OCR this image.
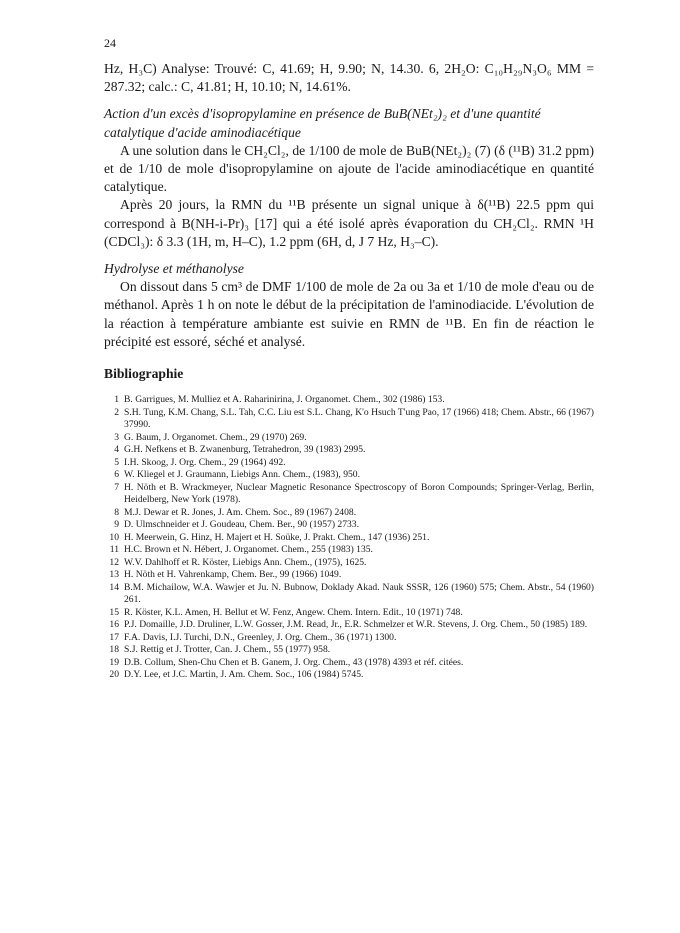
24

Hz, H₃C) Analyse: Trouvé: C, 41.69; H, 9.90; N, 14.30. 6, 2H₂O: C₁₀H₂₉N₃O₆ MM = 287.32; calc.: C, 41.81; H, 10.10; N, 14.61%.

Action d'un excès d'isopropylamine en présence de BuB(NEt₂)₂ et d'une quantité catalytique d'acide aminodiacétique

A une solution dans le CH₂Cl₂, de 1/100 de mole de BuB(NEt₂)₂ (7) (δ (¹¹B) 31.2 ppm) et de 1/10 de mole d'isopropylamine on ajoute de l'acide aminodiacétique en quantité catalytique.

Après 20 jours, la RMN du ¹¹B présente un signal unique à δ(¹¹B) 22.5 ppm qui correspond à B(NH-i-Pr)₃ [17] qui a été isolé après évaporation du CH₂Cl₂. RMN ¹H (CDCl₃): δ 3.3 (1H, m, H–C), 1.2 ppm (6H, d, J 7 Hz, H₃–C).

Hydrolyse et méthanolyse

On dissout dans 5 cm³ de DMF 1/100 de mole de 2a ou 3a et 1/10 de mole d'eau ou de méthanol. Après 1 h on note le début de la précipitation de l'aminodiacide. L'évolution de la réaction à température ambiante est suivie en RMN de ¹¹B. En fin de réaction le précipité est essoré, séché et analysé.

Bibliographie
1 B. Garrigues, M. Mulliez et A. Raharinirina, J. Organomet. Chem., 302 (1986) 153.
2 S.H. Tung, K.M. Chang, S.L. Tah, C.C. Liu est S.L. Chang, K'o Hsuch T'ung Pao, 17 (1966) 418; Chem. Abstr., 66 (1967) 37990.
3 G. Baum, J. Organomet. Chem., 29 (1970) 269.
4 G.H. Nefkens et B. Zwanenburg, Tetrahedron, 39 (1983) 2995.
5 I.H. Skoog, J. Org. Chem., 29 (1964) 492.
6 W. Kliegel et J. Graumann, Liebigs Ann. Chem., (1983), 950.
7 H. Nöth et B. Wrackmeyer, Nuclear Magnetic Resonance Spectroscopy of Boron Compounds; Springer-Verlag, Berlin, Heidelberg, New York (1978).
8 M.J. Dewar et R. Jones, J. Am. Chem. Soc., 89 (1967) 2408.
9 D. Ulmschneider et J. Goudeau, Chem. Ber., 90 (1957) 2733.
10 H. Meerwein, G. Hinz, H. Majert et H. Soüke, J. Prakt. Chem., 147 (1936) 251.
11 H.C. Brown et N. Hébert, J. Organomet. Chem., 255 (1983) 135.
12 W.V. Dahlhoff et R. Köster, Liebigs Ann. Chem., (1975), 1625.
13 H. Nöth et H. Vahrenkamp, Chem. Ber., 99 (1966) 1049.
14 B.M. Michailow, W.A. Wawjer et Ju. N. Bubnow, Doklady Akad. Nauk SSSR, 126 (1960) 575; Chem. Abstr., 54 (1960) 261.
15 R. Köster, K.L. Amen, H. Bellut et W. Fenz, Angew. Chem. Intern. Edit., 10 (1971) 748.
16 P.J. Domaille, J.D. Druliner, L.W. Gosser, J.M. Read, Jr., E.R. Schmelzer et W.R. Stevens, J. Org. Chem., 50 (1985) 189.
17 F.A. Davis, I.J. Turchi, D.N., Greenley, J. Org. Chem., 36 (1971) 1300.
18 S.J. Rettig et J. Trotter, Can. J. Chem., 55 (1977) 958.
19 D.B. Collum, Shen-Chu Chen et B. Ganem, J. Org. Chem., 43 (1978) 4393 et réf. citées.
20 D.Y. Lee, et J.C. Martin, J. Am. Chem. Soc., 106 (1984) 5745.
